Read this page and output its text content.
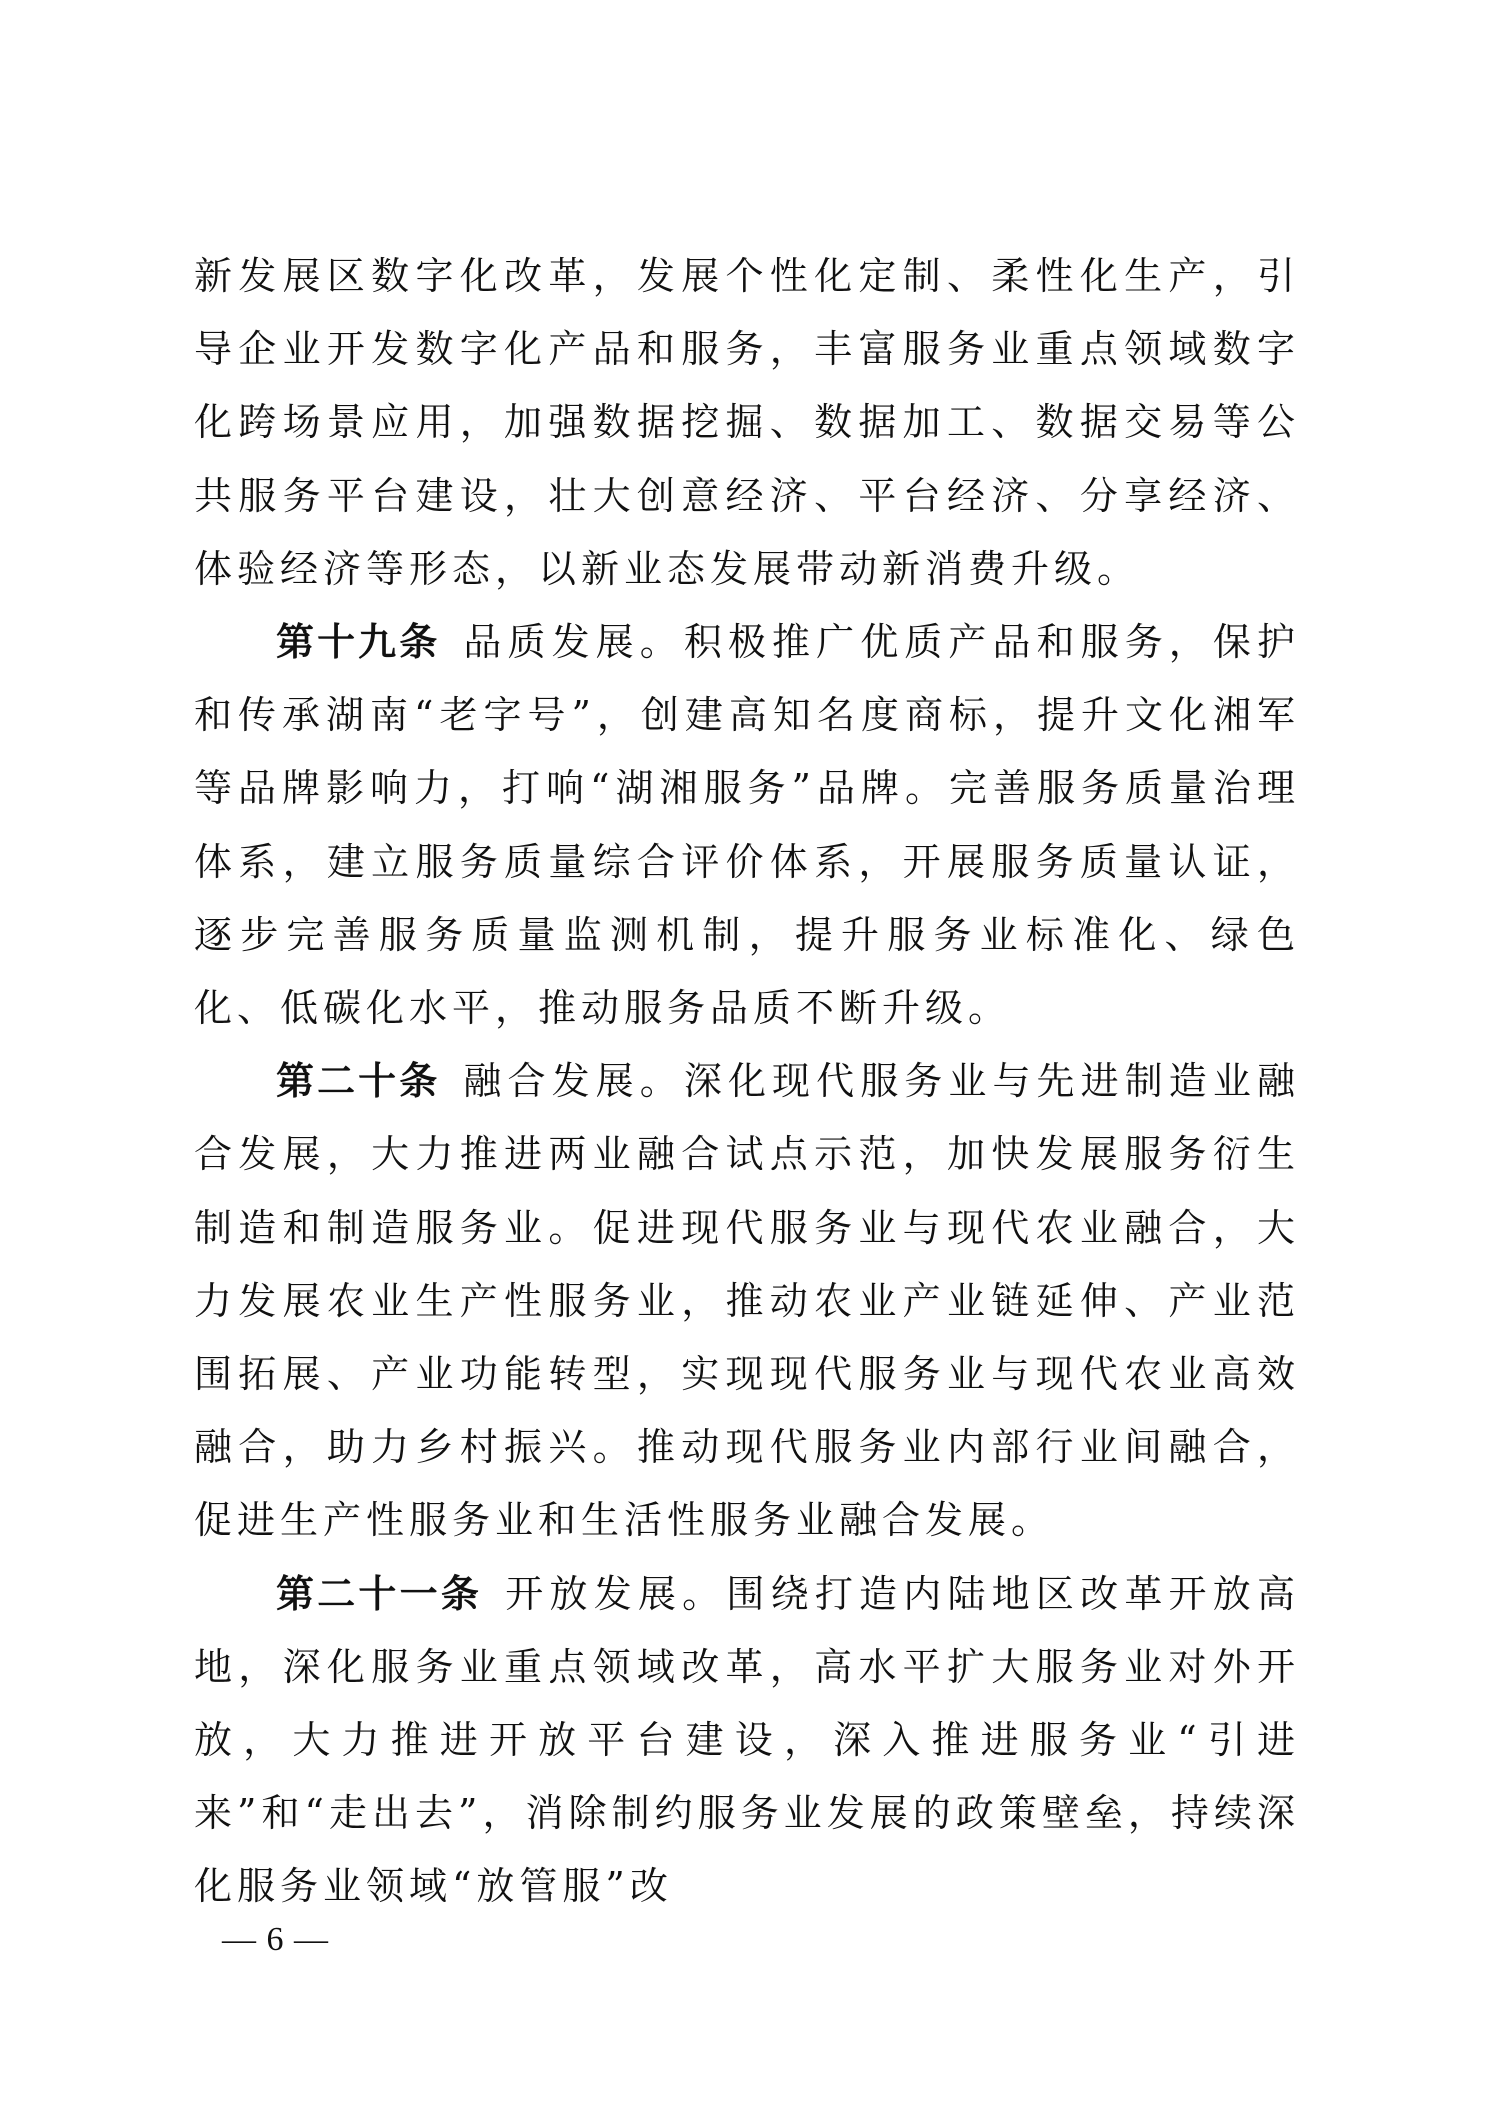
新发展区数字化改革，发展个性化定制、柔性化生产，引导企业开发数字化产品和服务，丰富服务业重点领域数字化跨场景应用，加强数据挖掘、数据加工、数据交易等公共服务平台建设，壮大创意经济、平台经济、分享经济、体验经济等形态，以新业态发展带动新消费升级。

第十九条 品质发展。积极推广优质产品和服务，保护和传承湖南“老字号”，创建高知名度商标，提升文化湘军等品牌影响力，打响“湖湘服务”品牌。完善服务质量治理体系，建立服务质量综合评价体系，开展服务质量认证，逐步完善服务质量监测机制，提升服务业标准化、绿色化、低碳化水平，推动服务品质不断升级。

第二十条 融合发展。深化现代服务业与先进制造业融合发展，大力推进两业融合试点示范，加快发展服务衍生制造和制造服务业。促进现代服务业与现代农业融合，大力发展农业生产性服务业，推动农业产业链延伸、产业范围拓展、产业功能转型，实现现代服务业与现代农业高效融合，助力乡村振兴。推动现代服务业内部行业间融合，促进生产性服务业和生活性服务业融合发展。

第二十一条 开放发展。围绕打造内陆地区改革开放高地，深化服务业重点领域改革，高水平扩大服务业对外开放，大力推进开放平台建设，深入推进服务业“引进来”和“走出去”，消除制约服务业发展的政策壁垒，持续深化服务业领域“放管服”改

— 6 —
